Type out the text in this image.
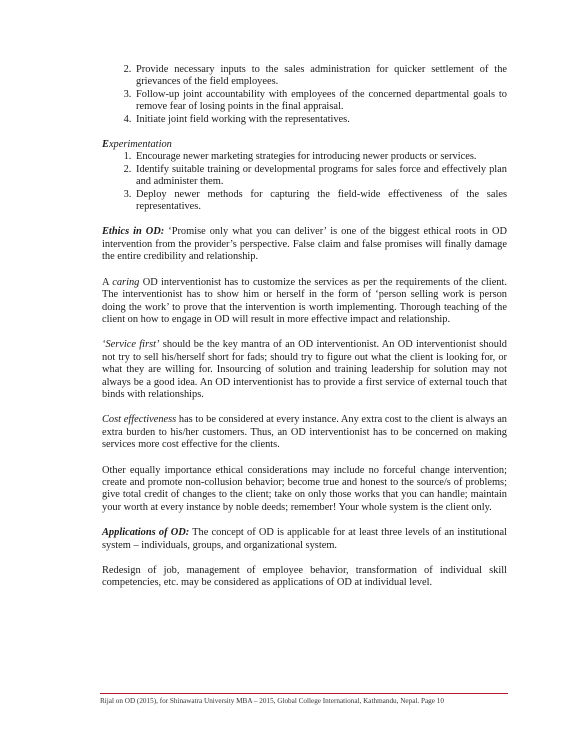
2. Provide necessary inputs to the sales administration for quicker settlement of the grievances of the field employees.
3. Follow-up joint accountability with employees of the concerned departmental goals to remove fear of losing points in the final appraisal.
4. Initiate joint field working with the representatives.
Experimentation
1. Encourage newer marketing strategies for introducing newer products or services.
2. Identify suitable training or developmental programs for sales force and effectively plan and administer them.
3. Deploy newer methods for capturing the field-wide effectiveness of the sales representatives.

Ethics in OD: ‘Promise only what you can deliver’ is one of the biggest ethical roots in OD intervention from the provider’s perspective. False claim and false promises will finally damage the entire credibility and relationship.

A caring OD interventionist has to customize the services as per the requirements of the client. The interventionist has to show him or herself in the form of ‘person selling work is person doing the work’ to prove that the intervention is worth implementing. Thorough teaching of the client on how to engage in OD will result in more effective impact and relationship.

‘Service first’ should be the key mantra of an OD interventionist. An OD interventionist should not try to sell his/herself short for fads; should try to figure out what the client is looking for, or what they are willing for. Insourcing of solution and training leadership for solution may not always be a good idea. An OD interventionist has to provide a first service of external touch that binds with relationships.

Cost effectiveness has to be considered at every instance. Any extra cost to the client is always an extra burden to his/her customers. Thus, an OD interventionist has to be concerned on making services more cost effective for the clients.

Other equally importance ethical considerations may include no forceful change intervention; create and promote non-collusion behavior; become true and honest to the source/s of problems; give total credit of changes to the client; take on only those works that you can handle; maintain your worth at every instance by noble deeds; remember! Your whole system is the client only.

Applications of OD: The concept of OD is applicable for at least three levels of an institutional system – individuals, groups, and organizational system.

Redesign of job, management of employee behavior, transformation of individual skill competencies, etc. may be considered as applications of OD at individual level.

Rijal on OD (2015), for Shinawatra University MBA – 2015, Global College International, Kathmandu, Nepal. Page 10
